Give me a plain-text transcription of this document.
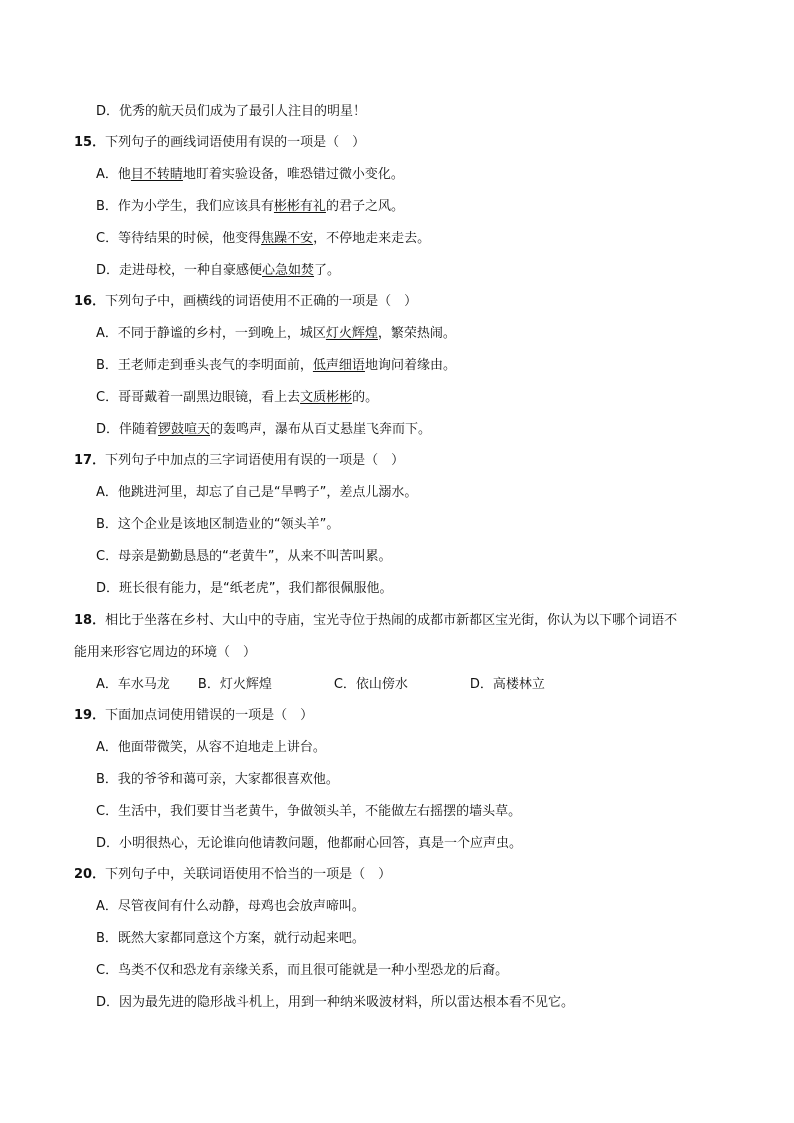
D．优秀的航天员们成为了最引人注目的明星！
15．下列句子的画线词语使用有误的一项是（　）
A．他目不转睛地盯着实验设备，唯恐错过微小变化。
B．作为小学生，我们应该具有彬彬有礼的君子之风。
C．等待结果的时候，他变得焦躁不安，不停地走来走去。
D．走进母校，一种自豪感便心急如焚了。
16．下列句子中，画横线的词语使用不正确的一项是（　）
A．不同于静谧的乡村，一到晚上，城区灯火辉煌，繁荣热闹。
B．王老师走到垂头丧气的李明面前，低声细语地询问着缘由。
C．哥哥戴着一副黑边眼镜，看上去文质彬彬的。
D．伴随着锣鼓喧天的轰鸣声，瀑布从百丈悬崖飞奔而下。
17．下列句子中加点的三字词语使用有误的一项是（　）
A．他跳进河里，却忘了自己是“旱鸭子”，差点儿溺水。
B．这个企业是该地区制造业的“领头羊”。
C．母亲是勤勤恳恳的“老黄牛”，从来不叫苦叫累。
D．班长很有能力，是“纸老虎”，我们都很佩服他。
18．相比于坐落在乡村、大山中的寺庙，宝光寺位于热闹的成都市新都区宝光街，你认为以下哪个词语不
能用来形容它周边的环境（　）
A．车水马龙 B．灯火辉煌	C．依山傍水	D．高楼林立
19．下面加点词使用错误的一项是（　）
A．他面带微笑，从容不迫地走上讲台。
B．我的爷爷和蔼可亲，大家都很喜欢他。
C．生活中，我们要甘当老黄牛，争做领头羊，不能做左右摇摆的墙头草。
D．小明很热心，无论谁向他请教问题，他都耐心回答，真是一个应声虫。
20．下列句子中，关联词语使用不恰当的一项是（　）
A．尽管夜间有什么动静，母鸡也会放声啼叫。
B．既然大家都同意这个方案，就行动起来吧。
C．鸟类不仅和恐龙有亲缘关系，而且很可能就是一种小型恐龙的后裔。
D．因为最先进的隐形战斗机上，用到一种纳米吸波材料，所以雷达根本看不见它。
